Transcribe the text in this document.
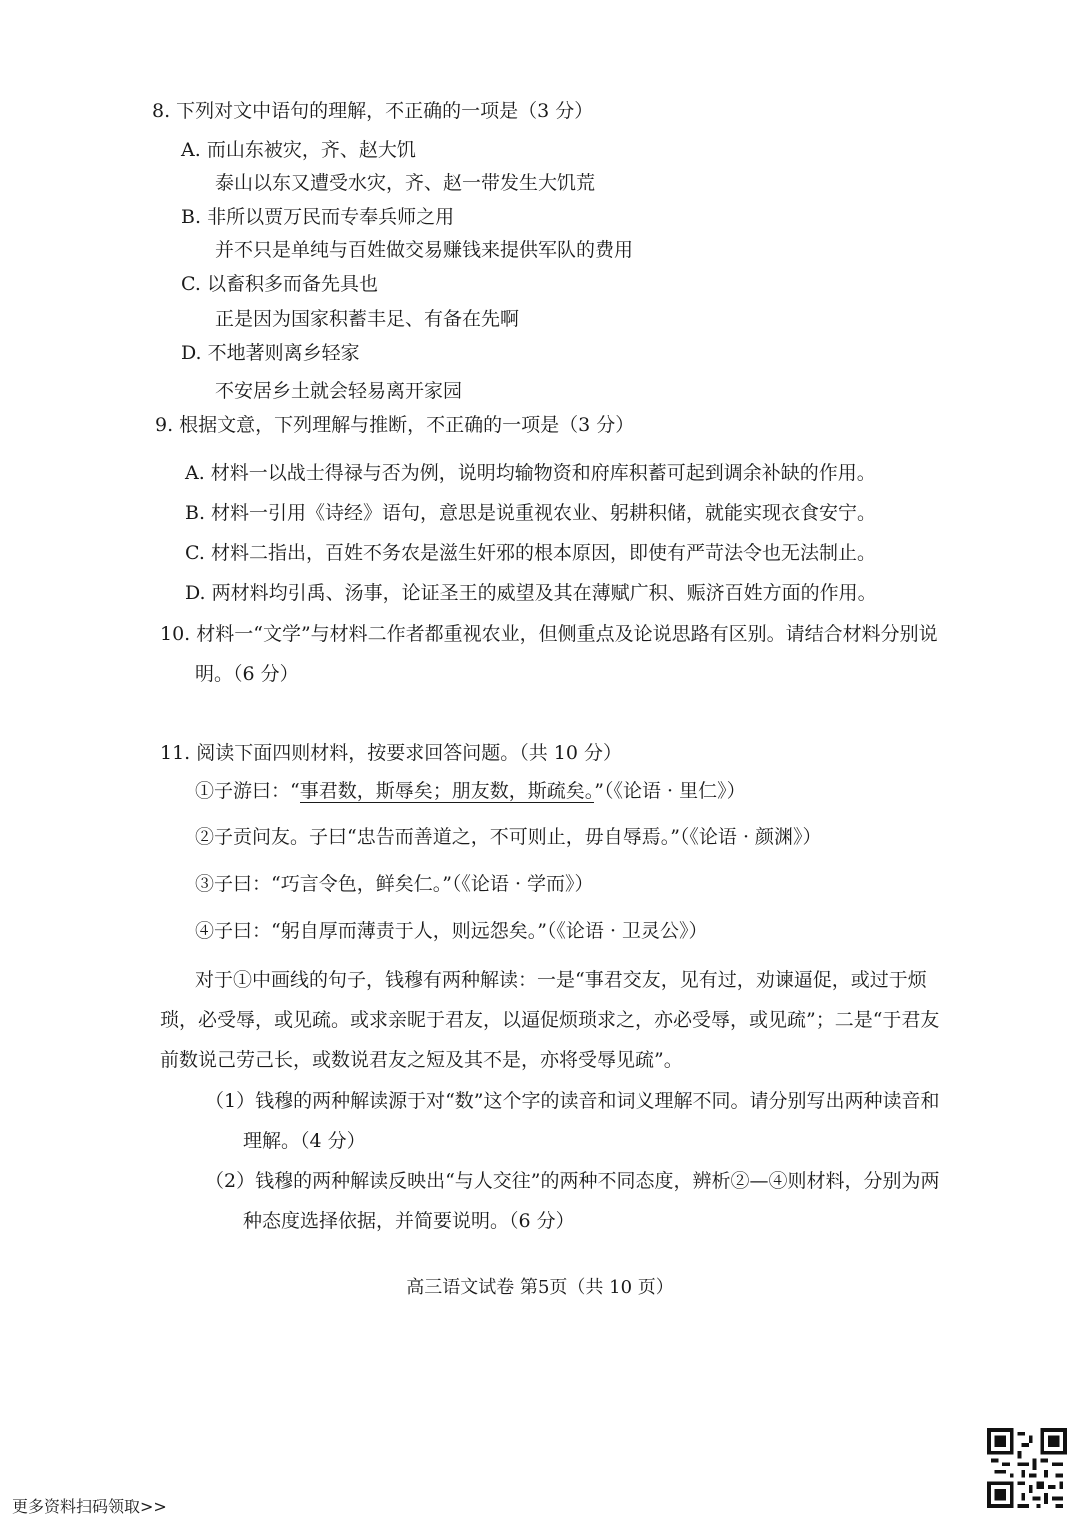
8. 下列对文中语句的理解，不正确的一项是（3 分）
A. 而山东被灾，齐、赵大饥
泰山以东又遭受水灾，齐、赵一带发生大饥荒
B. 非所以贾万民而专奉兵师之用
并不只是单纯与百姓做交易赚钱来提供军队的费用
C. 以畜积多而备先具也
正是因为国家积蓄丰足、有备在先啊
D. 不地著则离乡轻家
不安居乡土就会轻易离开家园
9. 根据文意，下列理解与推断，不正确的一项是（3 分）
A. 材料一以战士得禄与否为例，说明均输物资和府库积蓄可起到调余补缺的作用。
B. 材料一引用《诗经》语句，意思是说重视农业、躬耕积储，就能实现衣食安宁。
C. 材料二指出，百姓不务农是滋生奸邪的根本原因，即使有严苛法令也无法制止。
D. 两材料均引禹、汤事，论证圣王的威望及其在薄赋广积、赈济百姓方面的作用。
10. 材料一“文学”与材料二作者都重视农业，但侧重点及论说思路有区别。请结合材料分别说
明。（6 分）
11. 阅读下面四则材料，按要求回答问题。（共 10 分）
①子游曰：“事君数，斯辱矣；朋友数，斯疏矣。”（《论语 · 里仁》）
②子贡问友。子曰“忠告而善道之，不可则止，毋自辱焉。”（《论语 · 颜渊》）
③子曰：“巧言令色，鲜矣仁。”（《论语 · 学而》）
④子曰：“躬自厚而薄责于人，则远怨矣。”（《论语 · 卫灵公》）
对于①中画线的句子，钱穆有两种解读：一是“事君交友，见有过，劝谏逼促，或过于烦
琐，必受辱，或见疏。或求亲昵于君友，以逼促烦琐求之，亦必受辱，或见疏”；二是“于君友
前数说己劳己长，或数说君友之短及其不是，亦将受辱见疏”。
（1）钱穆的两种解读源于对“数”这个字的读音和词义理解不同。请分别写出两种读音和
理解。（4 分）
（2）钱穆的两种解读反映出“与人交往”的两种不同态度，辨析②—④则材料，分别为两
种态度选择依据，并简要说明。（6 分）
高三语文试卷 第5页（共 10 页）
更多资料扫码领取>>
